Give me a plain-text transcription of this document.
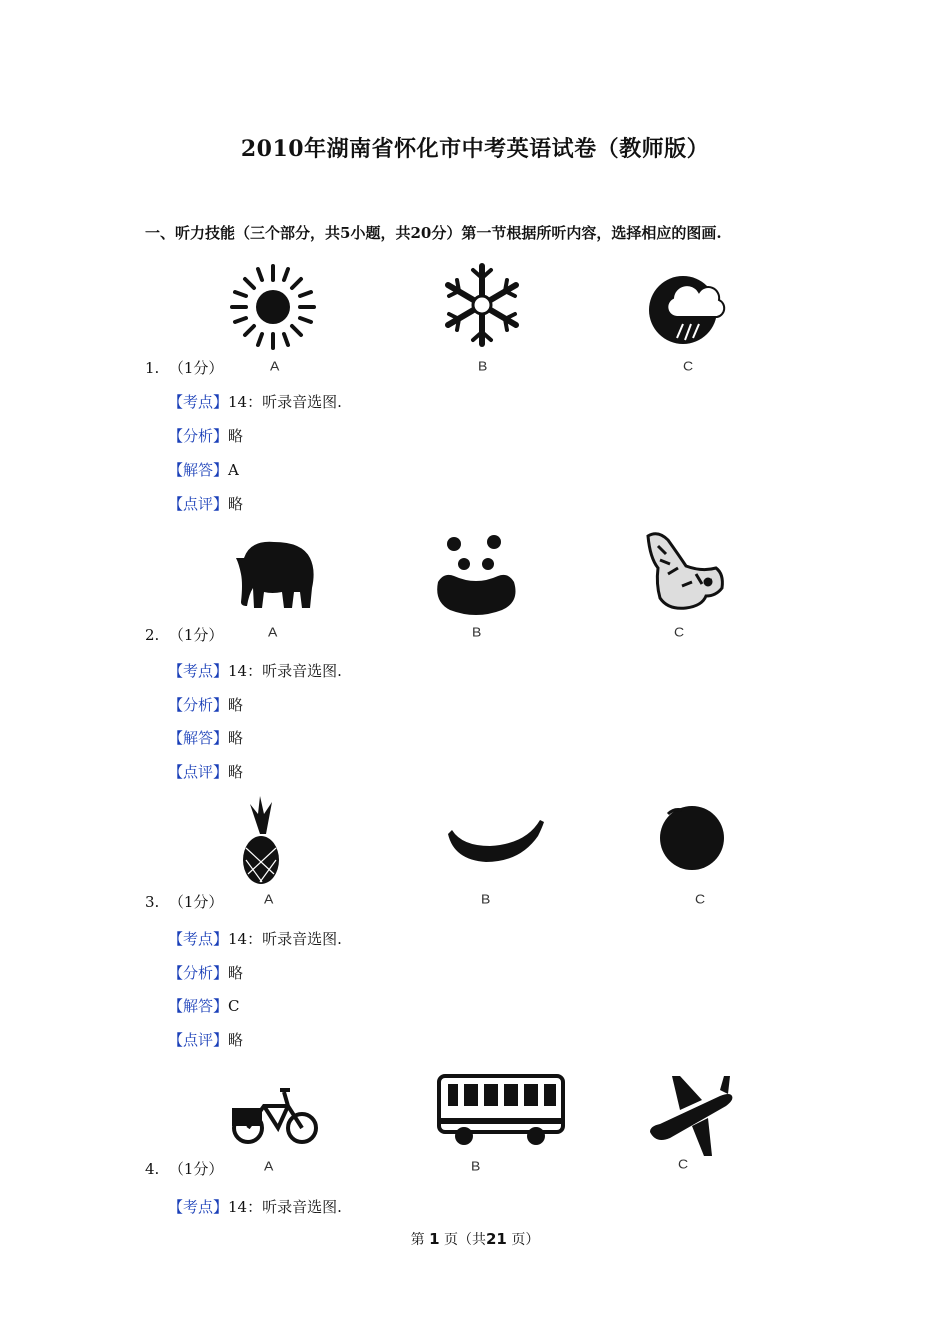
2010年湖南省怀化市中考英语试卷（教师版）
一、听力技能（三个部分，共5小题，共20分）第一节根据所听内容，选择相应的图画.
1. （1分）	A	B	C
【考点】14：听录音选图.
【分析】略
【解答】A
【点评】略
2. （1分）	A	B	C
【考点】14：听录音选图.
【分析】略
【解答】略
【点评】略
3. （1分）	A	B	C
【考点】14：听录音选图.
【分析】略
【解答】C
【点评】略
4. （1分）	A	B	C
【考点】14：听录音选图.
第 1 页（共21 页）
